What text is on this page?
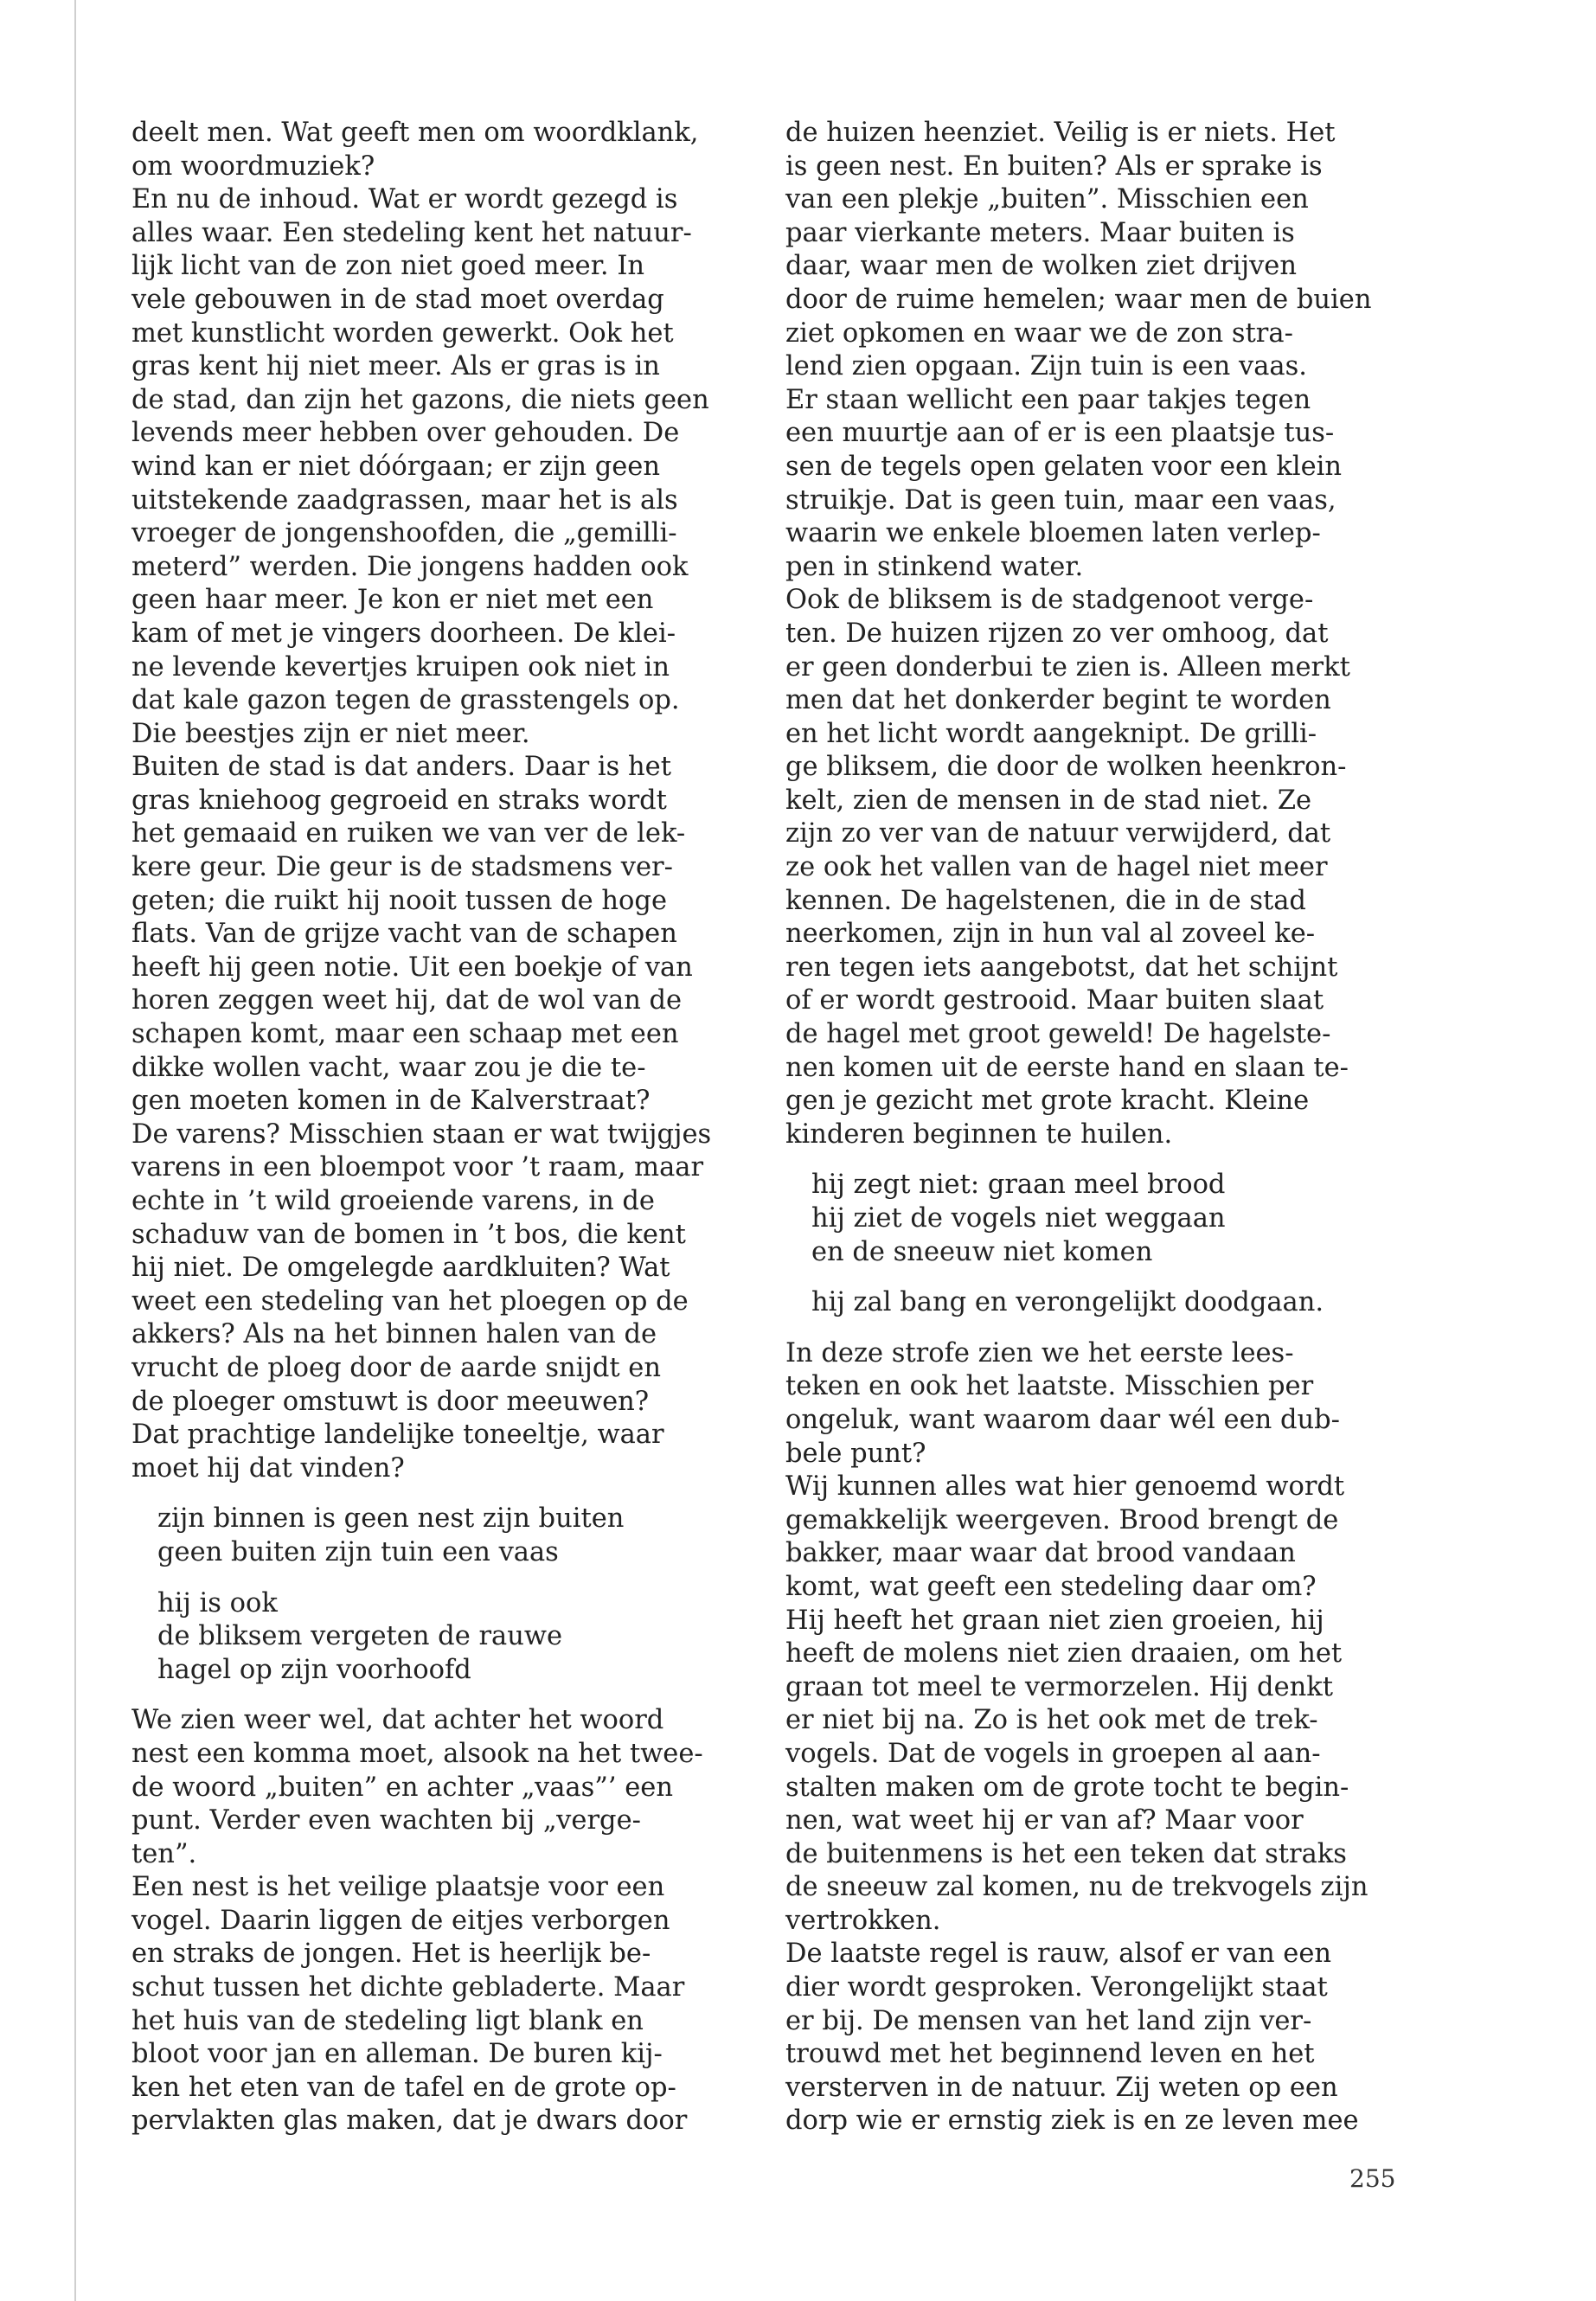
deelt men. Wat geeft men om woordklank,
om woordmuziek?
En nu de inhoud. Wat er wordt gezegd is
alles waar. Een stedeling kent het natuur-
lijk licht van de zon niet goed meer. In
vele gebouwen in de stad moet overdag
met kunstlicht worden gewerkt. Ook het
gras kent hij niet meer. Als er gras is in
de stad, dan zijn het gazons, die niets geen
levends meer hebben over gehouden. De
wind kan er niet dóórgaan; er zijn geen
uitstekende zaadgrassen, maar het is als
vroeger de jongenshoofden, die „gemilli-
meterd” werden. Die jongens hadden ook
geen haar meer. Je kon er niet met een
kam of met je vingers doorheen. De klei-
ne levende kevertjes kruipen ook niet in
dat kale gazon tegen de grasstengels op.
Die beestjes zijn er niet meer.
Buiten de stad is dat anders. Daar is het
gras kniehoog gegroeid en straks wordt
het gemaaid en ruiken we van ver de lek-
kere geur. Die geur is de stadsmens ver-
geten; die ruikt hij nooit tussen de hoge
flats. Van de grijze vacht van de schapen
heeft hij geen notie. Uit een boekje of van
horen zeggen weet hij, dat de wol van de
schapen komt, maar een schaap met een
dikke wollen vacht, waar zou je die te-
gen moeten komen in de Kalverstraat?
De varens? Misschien staan er wat twijgjes
varens in een bloempot voor ’t raam, maar
echte in ’t wild groeiende varens, in de
schaduw van de bomen in ’t bos, die kent
hij niet. De omgelegde aardkluiten? Wat
weet een stedeling van het ploegen op de
akkers? Als na het binnen halen van de
vrucht de ploeg door de aarde snijdt en
de ploeger omstuwt is door meeuwen?
Dat prachtige landelijke toneeltje, waar
moet hij dat vinden?
zijn binnen is geen nest zijn buiten
geen buiten zijn tuin een vaas
hij is ook
de bliksem vergeten de rauwe
hagel op zijn voorhoofd
We zien weer wel, dat achter het woord
nest een komma moet, alsook na het twee-
de woord „buiten” en achter „vaas”’ een
punt. Verder even wachten bij „verge-
ten”.
Een nest is het veilige plaatsje voor een
vogel. Daarin liggen de eitjes verborgen
en straks de jongen. Het is heerlijk be-
schut tussen het dichte gebladerte. Maar
het huis van de stedeling ligt blank en
bloot voor jan en alleman. De buren kij-
ken het eten van de tafel en de grote op-
pervlakten glas maken, dat je dwars door
de huizen heenziet. Veilig is er niets. Het
is geen nest. En buiten? Als er sprake is
van een plekje „buiten”. Misschien een
paar vierkante meters. Maar buiten is
daar, waar men de wolken ziet drijven
door de ruime hemelen; waar men de buien
ziet opkomen en waar we de zon stra-
lend zien opgaan. Zijn tuin is een vaas.
Er staan wellicht een paar takjes tegen
een muurtje aan of er is een plaatsje tus-
sen de tegels open gelaten voor een klein
struikje. Dat is geen tuin, maar een vaas,
waarin we enkele bloemen laten verlep-
pen in stinkend water.
Ook de bliksem is de stadgenoot verge-
ten. De huizen rijzen zo ver omhoog, dat
er geen donderbui te zien is. Alleen merkt
men dat het donkerder begint te worden
en het licht wordt aangeknipt. De grilli-
ge bliksem, die door de wolken heenkron-
kelt, zien de mensen in de stad niet. Ze
zijn zo ver van de natuur verwijderd, dat
ze ook het vallen van de hagel niet meer
kennen. De hagelstenen, die in de stad
neerkomen, zijn in hun val al zoveel ke-
ren tegen iets aangebotst, dat het schijnt
of er wordt gestrooid. Maar buiten slaat
de hagel met groot geweld! De hagelste-
nen komen uit de eerste hand en slaan te-
gen je gezicht met grote kracht. Kleine
kinderen beginnen te huilen.
hij zegt niet: graan meel brood
hij ziet de vogels niet weggaan
en de sneeuw niet komen
hij zal bang en verongelijkt doodgaan.
In deze strofe zien we het eerste lees-
teken en ook het laatste. Misschien per
ongeluk, want waarom daar wél een dub-
bele punt?
Wij kunnen alles wat hier genoemd wordt
gemakkelijk weergeven. Brood brengt de
bakker, maar waar dat brood vandaan
komt, wat geeft een stedeling daar om?
Hij heeft het graan niet zien groeien, hij
heeft de molens niet zien draaien, om het
graan tot meel te vermorzelen. Hij denkt
er niet bij na. Zo is het ook met de trek-
vogels. Dat de vogels in groepen al aan-
stalten maken om de grote tocht te begin-
nen, wat weet hij er van af? Maar voor
de buitenmens is het een teken dat straks
de sneeuw zal komen, nu de trekvogels zijn
vertrokken.
De laatste regel is rauw, alsof er van een
dier wordt gesproken. Verongelijkt staat
er bij. De mensen van het land zijn ver-
trouwd met het beginnend leven en het
versterven in de natuur. Zij weten op een
dorp wie er ernstig ziek is en ze leven mee
255
